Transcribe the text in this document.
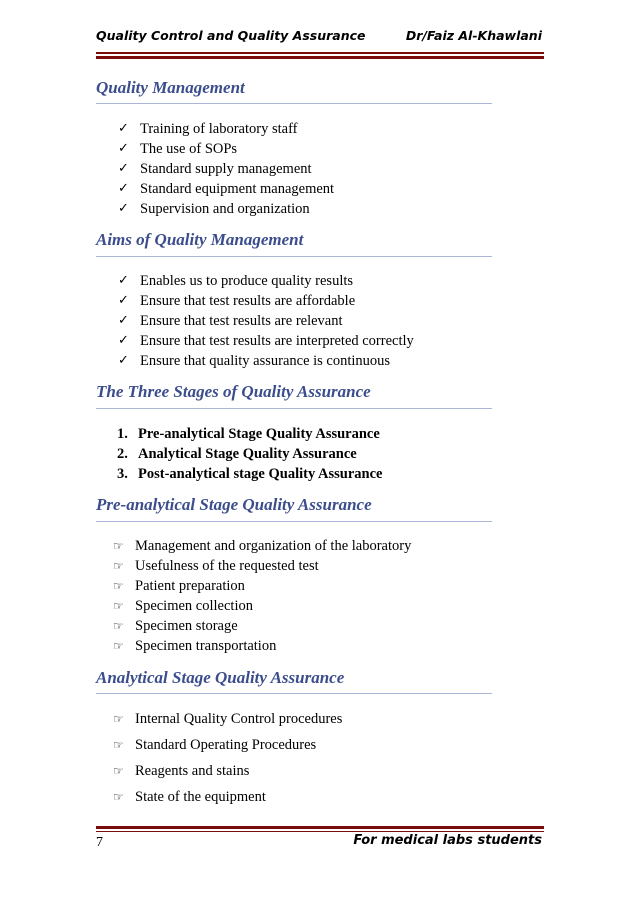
Quality Control and Quality Assurance	Dr/Faiz Al-Khawlani
Quality Management
✓ Training of laboratory staff
✓ The use of SOPs
✓ Standard supply management
✓ Standard equipment management
✓ Supervision and organization
Aims of Quality Management
✓ Enables us to produce quality results
✓ Ensure that test results are affordable
✓ Ensure that test results are relevant
✓ Ensure that test results are interpreted correctly
✓ Ensure that quality assurance is continuous
The Three Stages of Quality Assurance
1. Pre-analytical Stage Quality Assurance
2. Analytical Stage Quality Assurance
3. Post-analytical stage Quality Assurance
Pre-analytical Stage Quality Assurance
☞ Management and organization of the laboratory
☞ Usefulness of the requested test
☞ Patient preparation
☞ Specimen collection
☞ Specimen storage
☞ Specimen transportation
Analytical Stage Quality Assurance
☞ Internal Quality Control procedures
☞ Standard Operating Procedures
☞ Reagents and stains
☞ State of the equipment
7	For medical labs students
